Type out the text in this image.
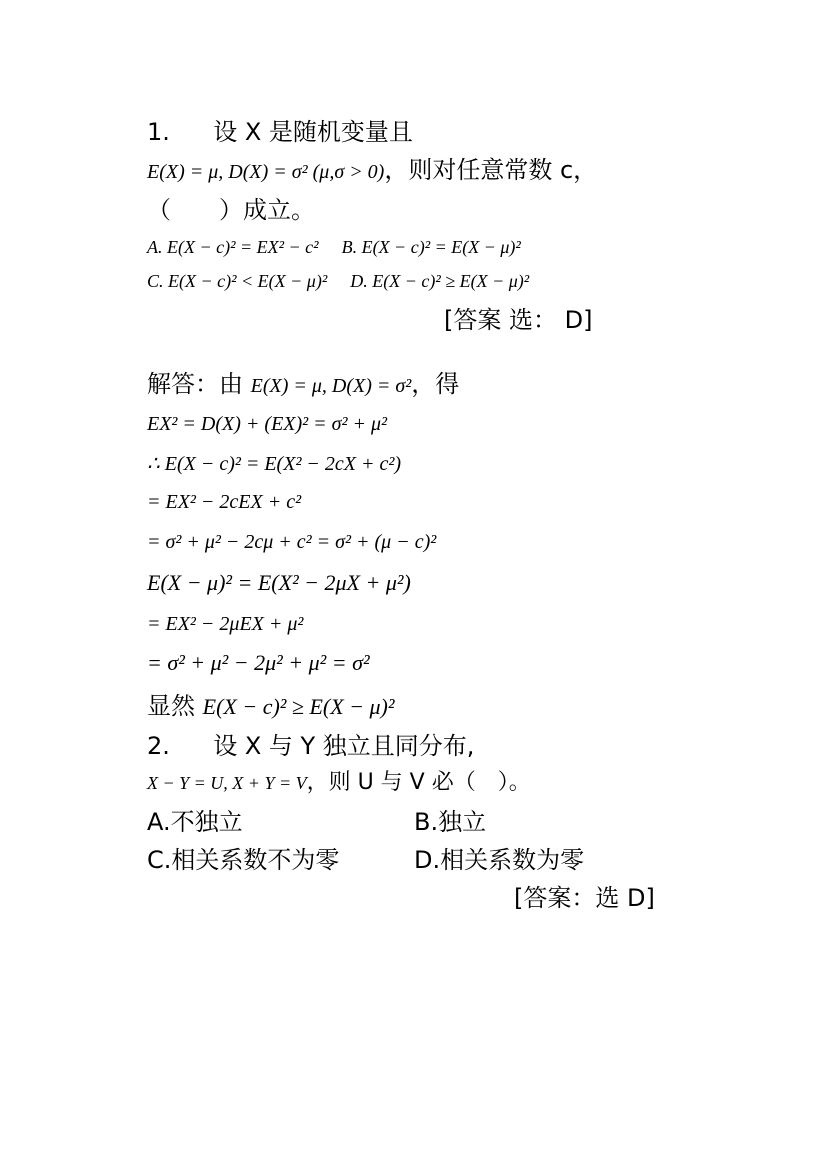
1. 设 X 是随机变量且
E(X) = μ, D(X) = σ² (μ,σ > 0)，则对任意常数 c，
（　　）成立。
A. E(X − c)² = EX² − c² B. E(X − c)² = E(X − μ)²
C. E(X − c)² < E(X − μ)² D. E(X − c)² ≥ E(X − μ)²
[答案 选： D]
解答：由 E(X) = μ, D(X) = σ²，得
EX² = D(X) + (EX)² = σ² + μ²
∴ E(X − c)² = E(X² − 2cX + c²)
= EX² − 2cEX + c²
= σ² + μ² − 2cμ + c² = σ² + (μ − c)²
E(X − μ)² = E(X² − 2μX + μ²)
= EX² − 2μEX + μ²
= σ² + μ² − 2μ² + μ² = σ²
显然 E(X − c)² ≥ E(X − μ)²
2. 设 X 与 Y 独立且同分布,
X − Y = U, X + Y = V，则 U 与 V 必（　）。
A.不独立	B.独立
C.相关系数不为零	D.相关系数为零
[答案：选 D]
